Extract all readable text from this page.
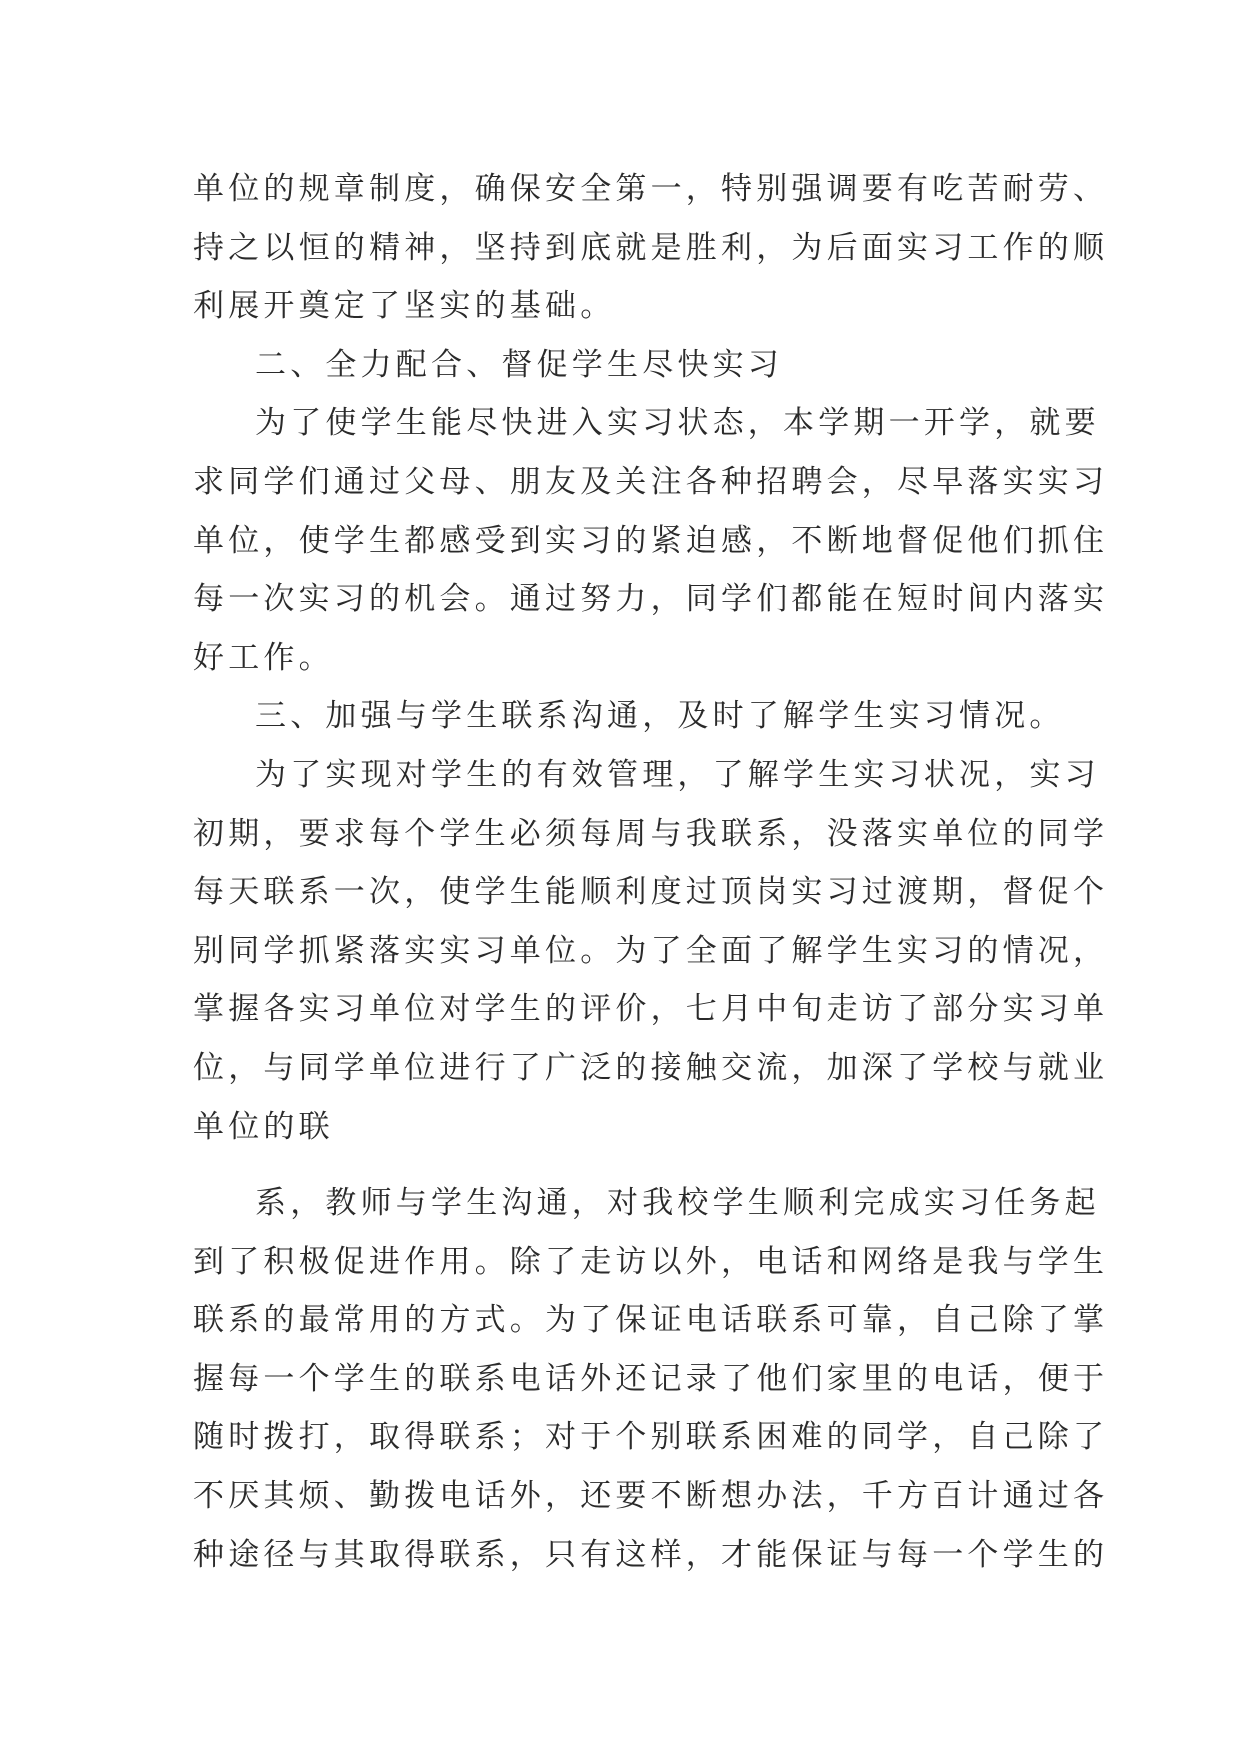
单位的规章制度，确保安全第一，特别强调要有吃苦耐劳、
持之以恒的精神，坚持到底就是胜利，为后面实习工作的顺
利展开奠定了坚实的基础。
二、全力配合、督促学生尽快实习
为了使学生能尽快进入实习状态，本学期一开学，就要
求同学们通过父母、朋友及关注各种招聘会，尽早落实实习
单位，使学生都感受到实习的紧迫感，不断地督促他们抓住
每一次实习的机会。通过努力，同学们都能在短时间内落实
好工作。
三、加强与学生联系沟通，及时了解学生实习情况。
为了实现对学生的有效管理，了解学生实习状况，实习
初期，要求每个学生必须每周与我联系，没落实单位的同学
每天联系一次，使学生能顺利度过顶岗实习过渡期，督促个
别同学抓紧落实实习单位。为了全面了解学生实习的情况，
掌握各实习单位对学生的评价，七月中旬走访了部分实习单
位，与同学单位进行了广泛的接触交流，加深了学校与就业
单位的联
系，教师与学生沟通，对我校学生顺利完成实习任务起
到了积极促进作用。除了走访以外，电话和网络是我与学生
联系的最常用的方式。为了保证电话联系可靠，自己除了掌
握每一个学生的联系电话外还记录了他们家里的电话，便于
随时拨打，取得联系；对于个别联系困难的同学，自己除了
不厌其烦、勤拨电话外，还要不断想办法，千方百计通过各
种途径与其取得联系，只有这样，才能保证与每一个学生的
